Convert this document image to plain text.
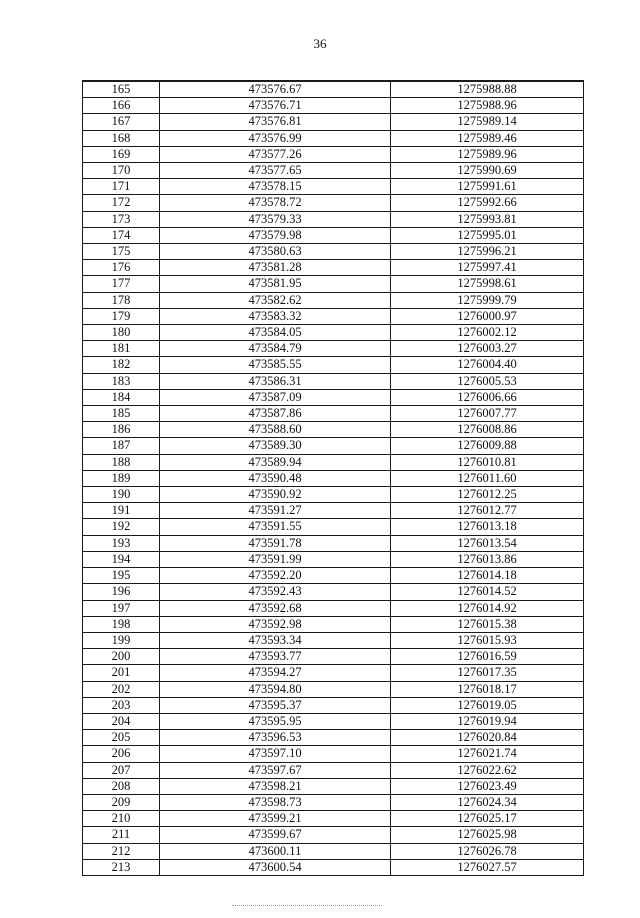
36
165	473576.67	1275988.88
166	473576.71	1275988.96
167	473576.81	1275989.14
168	473576.99	1275989.46
169	473577.26	1275989.96
170	473577.65	1275990.69
171	473578.15	1275991.61
172	473578.72	1275992.66
173	473579.33	1275993.81
174	473579.98	1275995.01
175	473580.63	1275996.21
176	473581.28	1275997.41
177	473581.95	1275998.61
178	473582.62	1275999.79
179	473583.32	1276000.97
180	473584.05	1276002.12
181	473584.79	1276003.27
182	473585.55	1276004.40
183	473586.31	1276005.53
184	473587.09	1276006.66
185	473587.86	1276007.77
186	473588.60	1276008.86
187	473589.30	1276009.88
188	473589.94	1276010.81
189	473590.48	1276011.60
190	473590.92	1276012.25
191	473591.27	1276012.77
192	473591.55	1276013.18
193	473591.78	1276013.54
194	473591.99	1276013.86
195	473592.20	1276014.18
196	473592.43	1276014.52
197	473592.68	1276014.92
198	473592.98	1276015.38
199	473593.34	1276015.93
200	473593.77	1276016.59
201	473594.27	1276017.35
202	473594.80	1276018.17
203	473595.37	1276019.05
204	473595.95	1276019.94
205	473596.53	1276020.84
206	473597.10	1276021.74
207	473597.67	1276022.62
208	473598.21	1276023.49
209	473598.73	1276024.34
210	473599.21	1276025.17
211	473599.67	1276025.98
212	473600.11	1276026.78
213	473600.54	1276027.57
